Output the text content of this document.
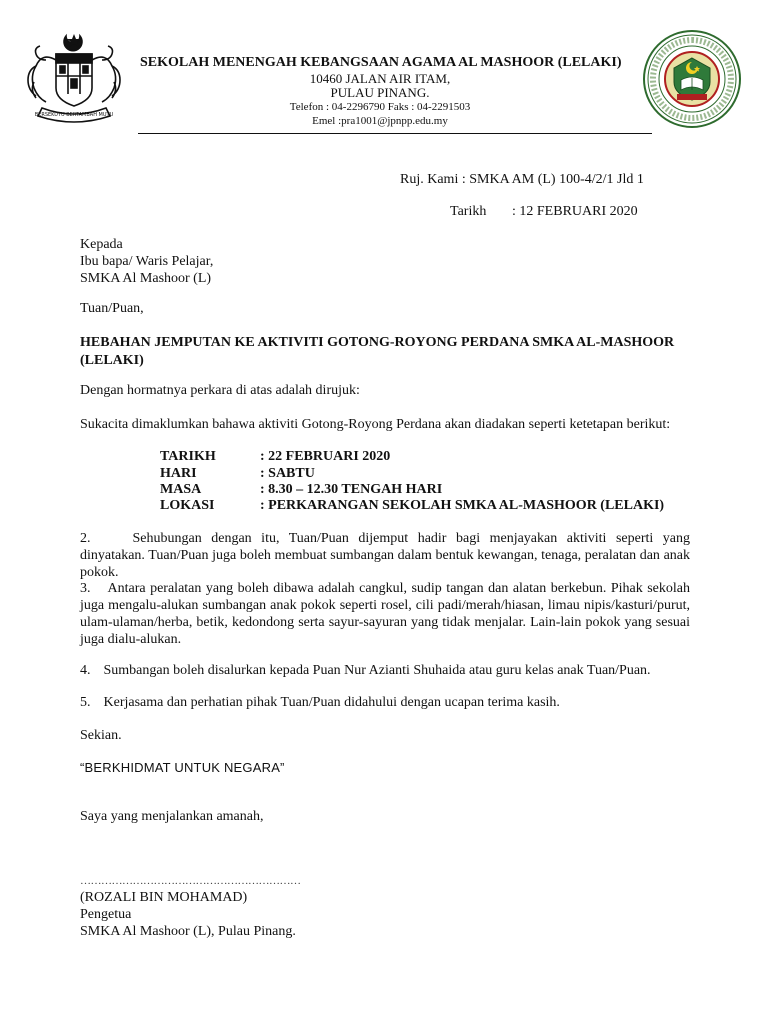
BERSEKUTU BERTAMBAH MUTU
SEKOLAH MENENGAH KEBANGSAAN AGAMA AL MASHOOR (LELAKI)
10460 JALAN AIR ITAM,
PULAU PINANG.
Telefon : 04-2296790 Faks : 04-2291503
Emel :pra1001@jpnpp.edu.my
Ruj. Kami : SMKA AM (L) 100-4/2/1 Jld 1
Tarikh : 12 FEBRUARI 2020
Kepada
Ibu bapa/ Waris Pelajar,
SMKA Al Mashoor (L)
Tuan/Puan,
HEBAHAN JEMPUTAN KE AKTIVITI GOTONG-ROYONG PERDANA SMKA AL-MASHOOR (LELAKI)
Dengan hormatnya perkara di atas adalah dirujuk:
Sukacita dimaklumkan bahawa aktiviti Gotong-Royong Perdana akan diadakan seperti ketetapan berikut:
TARIKH	: 22 FEBRUARI 2020
HARI	: SABTU
MASA	: 8.30 – 12.30 TENGAH HARI
LOKASI	: PERKARANGAN SEKOLAH SMKA AL-MASHOOR (LELAKI)
2.	Sehubungan dengan itu, Tuan/Puan dijemput hadir bagi menjayakan aktiviti seperti yang dinyatakan. Tuan/Puan juga boleh membuat sumbangan dalam bentuk kewangan, tenaga, peralatan dan anak pokok.
3. Antara peralatan yang boleh dibawa adalah cangkul, sudip tangan dan alatan berkebun. Pihak sekolah juga mengalu-alukan sumbangan anak pokok seperti rosel, cili padi/merah/hiasan, limau nipis/kasturi/purut, ulam-ulaman/herba, betik, kedondong serta sayur-sayuran yang tidak menjalar. Lain-lain pokok yang sesuai juga dialu-alukan.
4. Sumbangan boleh disalurkan kepada Puan Nur Azianti Shuhaida atau guru kelas anak Tuan/Puan.
5. Kerjasama dan perhatian pihak Tuan/Puan didahului dengan ucapan terima kasih.
Sekian.
“BERKHIDMAT UNTUK NEGARA”
Saya yang menjalankan amanah,
………………………………………………………
(ROZALI BIN MOHAMAD)
Pengetua
SMKA Al Mashoor (L), Pulau Pinang.
